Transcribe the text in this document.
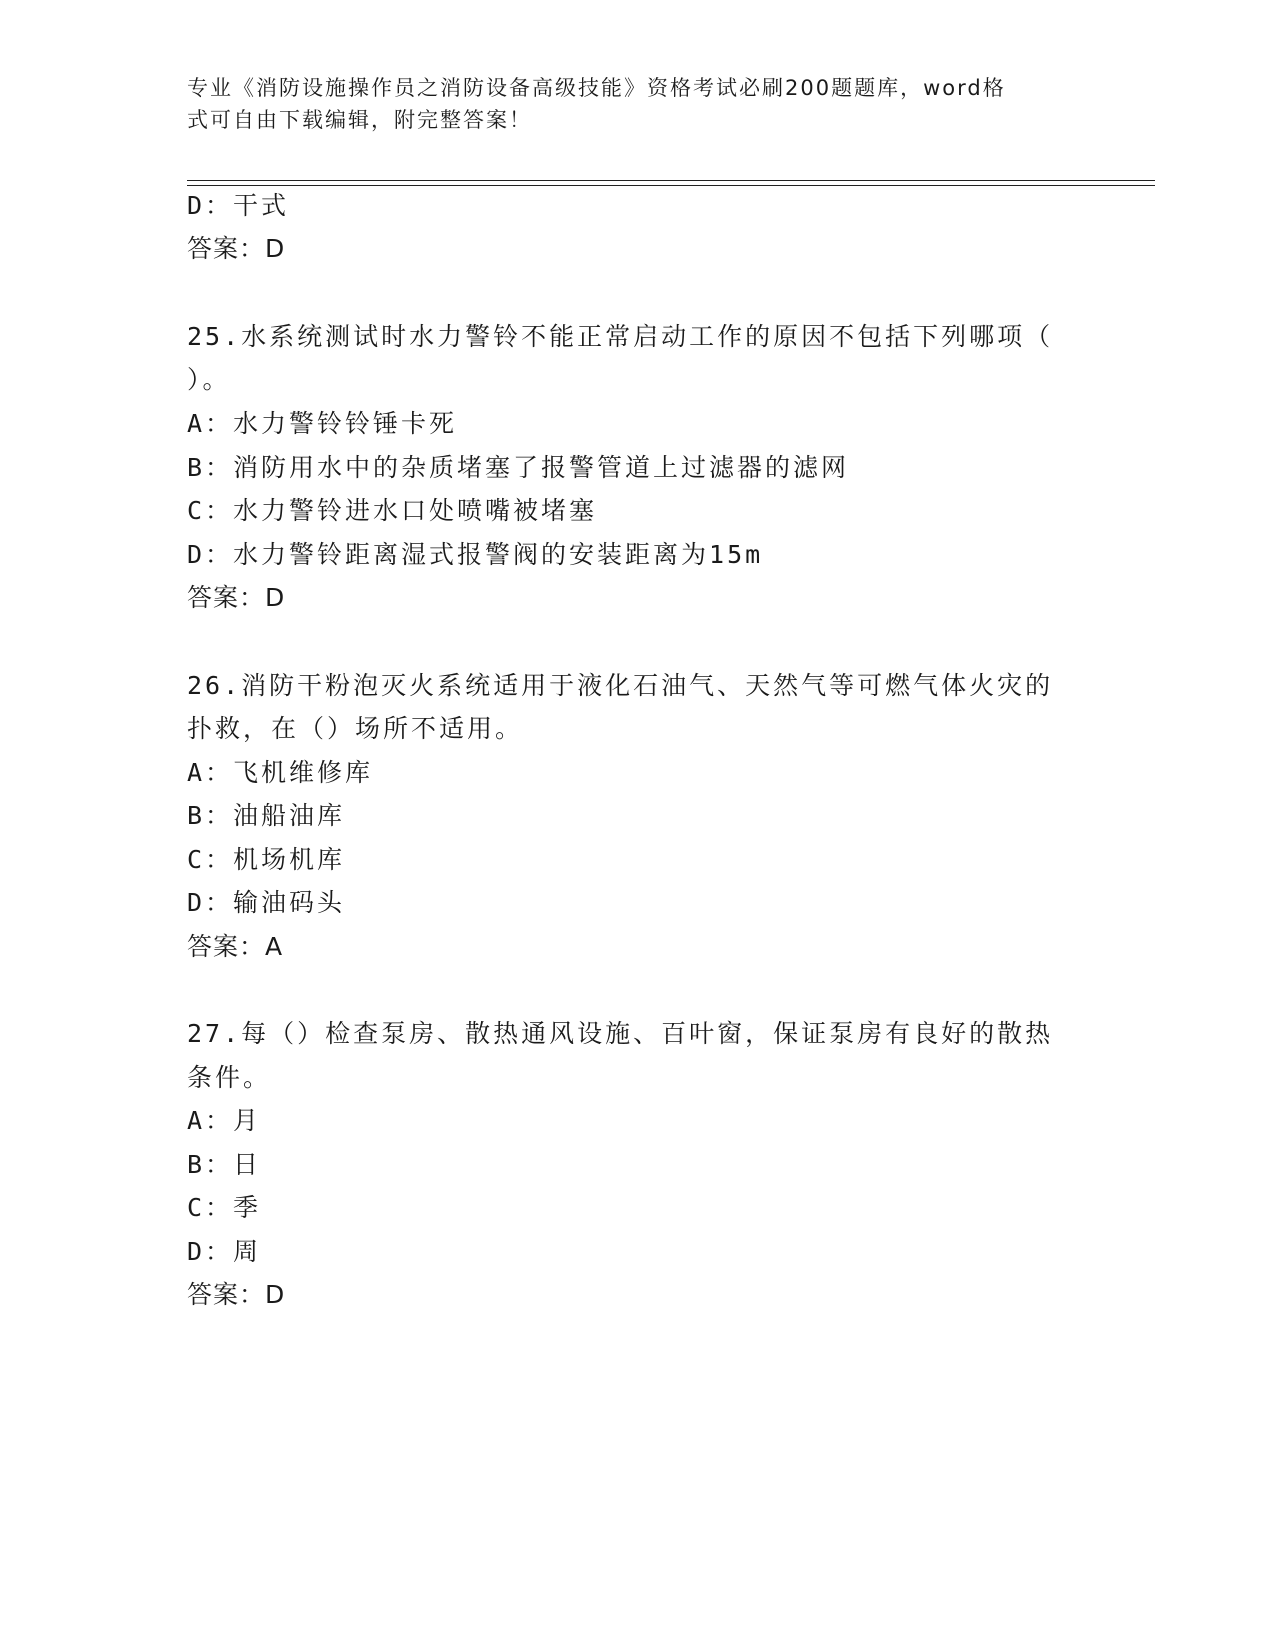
专业《消防设施操作员之消防设备高级技能》资格考试必刷200题题库，word格
式可自由下载编辑，附完整答案！
D：干式
答案：D
25.水系统测试时水力警铃不能正常启动工作的原因不包括下列哪项（
）。
A：水力警铃铃锤卡死
B：消防用水中的杂质堵塞了报警管道上过滤器的滤网
C：水力警铃进水口处喷嘴被堵塞
D：水力警铃距离湿式报警阀的安装距离为15m
答案：D
26.消防干粉泡灭火系统适用于液化石油气、天然气等可燃气体火灾的
扑救，在（）场所不适用。
A：飞机维修库
B：油船油库
C：机场机库
D：输油码头
答案：A
27.每（）检查泵房、散热通风设施、百叶窗，保证泵房有良好的散热
条件。
A：月
B：日
C：季
D：周
答案：D
